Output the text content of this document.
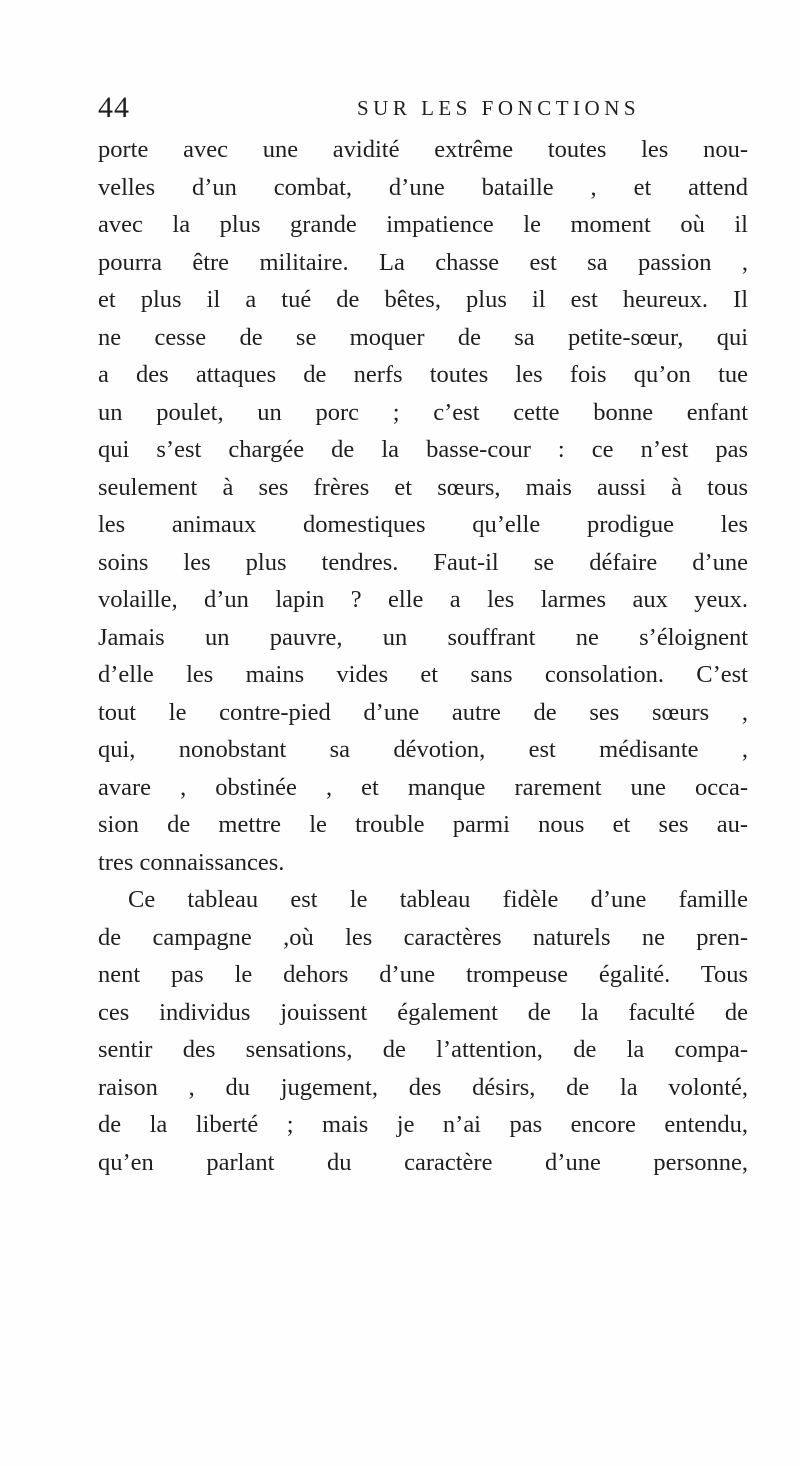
44	SUR LES FONCTIONS
porte avec une avidité extrême toutes les nou-
velles d’un combat, d’une bataille , et attend
avec la plus grande impatience le moment où il
pourra être militaire. La chasse est sa passion ,
et plus il a tué de bêtes, plus il est heureux. Il
ne cesse de se moquer de sa petite-sœur, qui
a des attaques de nerfs toutes les fois qu’on tue
un poulet, un porc ; c’est cette bonne enfant
qui s’est chargée de la basse-cour : ce n’est pas
seulement à ses frères et sœurs, mais aussi à tous
les animaux domestiques qu’elle prodigue les
soins les plus tendres. Faut-il se défaire d’une
volaille, d’un lapin ? elle a les larmes aux yeux.
Jamais un pauvre, un souffrant ne s’éloignent
d’elle les mains vides et sans consolation. C’est
tout le contre-pied d’une autre de ses sœurs ,
qui, nonobstant sa dévotion, est médisante ,
avare , obstinée , et manque rarement une occa-
sion de mettre le trouble parmi nous et ses au-
tres connaissances.
Ce tableau est le tableau fidèle d’une famille
de campagne ,où les caractères naturels ne pren-
nent pas le dehors d’une trompeuse égalité. Tous
ces individus jouissent également de la faculté de
sentir des sensations, de l’attention, de la compa-
raison , du jugement, des désirs, de la volonté,
de la liberté ; mais je n’ai pas encore entendu,
qu’en parlant du caractère d’une personne,
